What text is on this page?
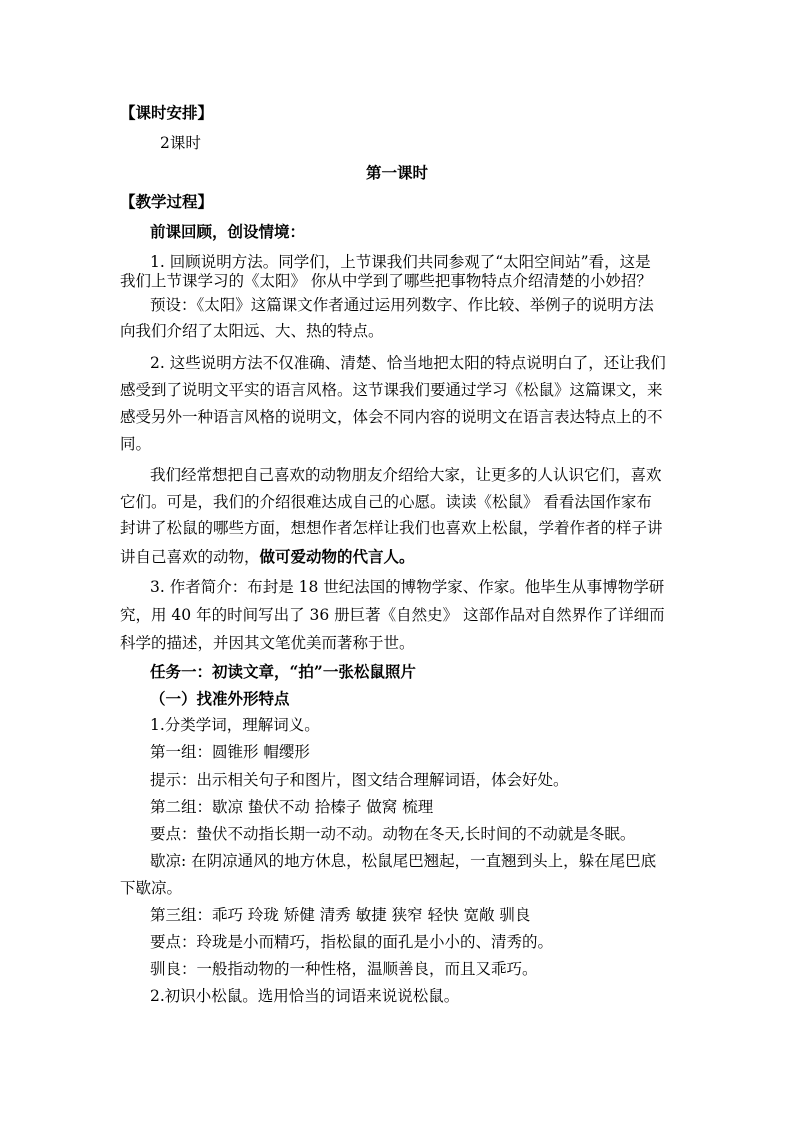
【课时安排】
2课时
第一课时
【教学过程】
前课回顾，创设情境：
1. 回顾说明方法。同学们，上节课我们共同参观了“太阳空间站”看，这是
我们上节课学习的《太阳》 你从中学到了哪些把事物特点介绍清楚的小妙招？
预设：《太阳》这篇课文作者通过运用列数字、作比较、举例子的说明方法
向我们介绍了太阳远、大、热的特点。
2. 这些说明方法不仅准确、清楚、恰当地把太阳的特点说明白了，还让我们
感受到了说明文平实的语言风格。这节课我们要通过学习《松鼠》这篇课文，来
感受另外一种语言风格的说明文，体会不同内容的说明文在语言表达特点上的不
同。
我们经常想把自己喜欢的动物朋友介绍给大家，让更多的人认识它们，喜欢
它们。可是，我们的介绍很难达成自己的心愿。读读《松鼠》 看看法国作家布
封讲了松鼠的哪些方面，想想作者怎样让我们也喜欢上松鼠，学着作者的样子讲
讲自己喜欢的动物，做可爱动物的代言人。
3. 作者简介：布封是 18 世纪法国的博物学家、作家。他毕生从事博物学研
究，用 40 年的时间写出了 36 册巨著《自然史》 这部作品对自然界作了详细而
科学的描述，并因其文笔优美而著称于世。
任务一：初读文章，“拍”一张松鼠照片
（一）找准外形特点
1.分类学词，理解词义。
第一组：圆锥形 帽缨形
提示：出示相关句子和图片，图文结合理解词语，体会好处。
第二组：歇凉 蛰伏不动 拾榛子 做窝 梳理
要点：蛰伏不动指长期一动不动。动物在冬天,长时间的不动就是冬眠。
歇凉: 在阴凉通风的地方休息，松鼠尾巴翘起，一直翘到头上，躲在尾巴底
下歇凉。
第三组：乖巧 玲珑 矫健 清秀 敏捷 狭窄 轻快 宽敞 驯良
要点：玲珑是小而精巧，指松鼠的面孔是小小的、清秀的。
驯良：一般指动物的一种性格，温顺善良，而且又乖巧。
2.初识小松鼠。选用恰当的词语来说说松鼠。
